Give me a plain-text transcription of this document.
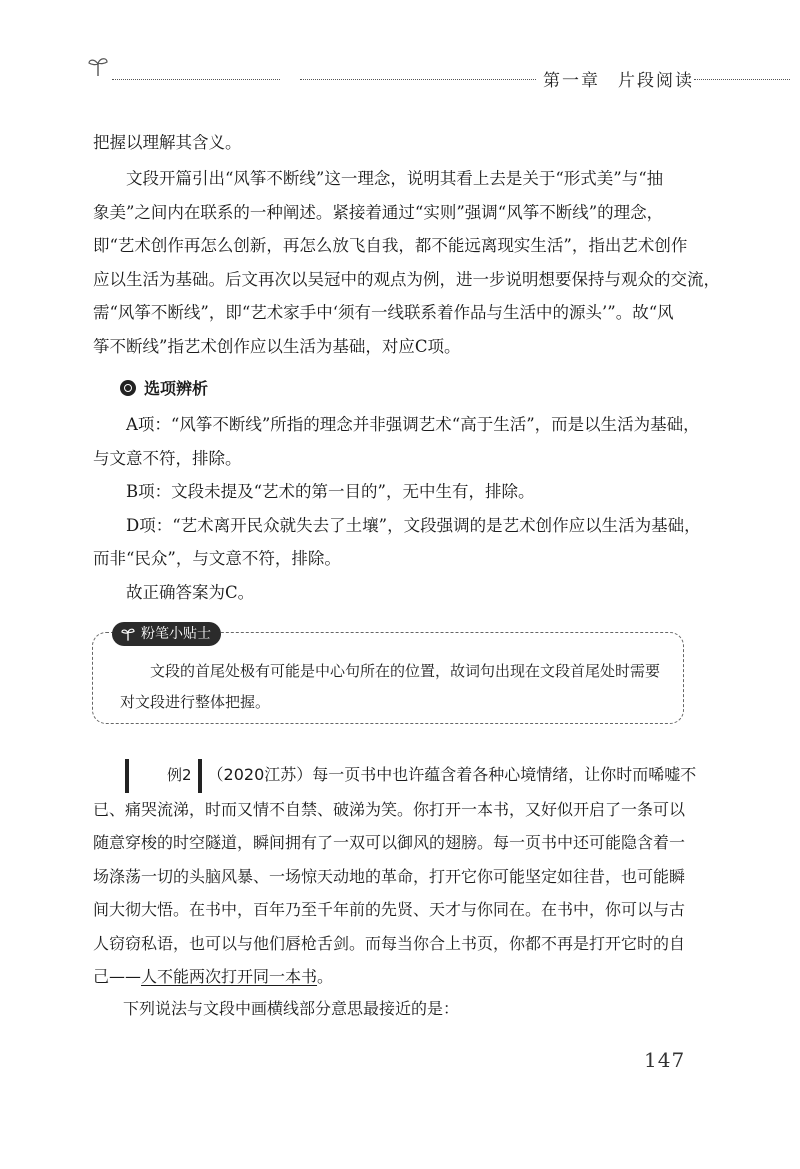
第一章 片段阅读

把握以理解其含义。

文段开篇引出“风筝不断线”这一理念，说明其看上去是关于“形式美”与“抽

象美”之间内在联系的一种阐述。紧接着通过“实则”强调“风筝不断线”的理念，

即“艺术创作再怎么创新，再怎么放飞自我，都不能远离现实生活”，指出艺术创作

应以生活为基础。后文再次以吴冠中的观点为例，进一步说明想要保持与观众的交流，

需“风筝不断线”，即“艺术家手中‘须有一线联系着作品与生活中的源头’”。故“风

筝不断线”指艺术创作应以生活为基础，对应C项。

选项辨析

A项：“风筝不断线”所指的理念并非强调艺术“高于生活”，而是以生活为基础，

与文意不符，排除。

B项：文段未提及“艺术的第一目的”，无中生有，排除。

D项：“艺术离开民众就失去了土壤”，文段强调的是艺术创作应以生活为基础，

而非“民众”，与文意不符，排除。

故正确答案为C。

粉笔小贴士

文段的首尾处极有可能是中心句所在的位置，故词句出现在文段首尾处时需要

对文段进行整体把握。

例2 （2020江苏）每一页书中也许蕴含着各种心境情绪，让你时而唏嘘不

已、痛哭流涕，时而又情不自禁、破涕为笑。你打开一本书，又好似开启了一条可以

随意穿梭的时空隧道，瞬间拥有了一双可以御风的翅膀。每一页书中还可能隐含着一

场涤荡一切的头脑风暴、一场惊天动地的革命，打开它你可能坚定如往昔，也可能瞬

间大彻大悟。在书中，百年乃至千年前的先贤、天才与你同在。在书中，你可以与古

人窃窃私语，也可以与他们唇枪舌剑。而每当你合上书页，你都不再是打开它时的自

己——人不能两次打开同一本书。

下列说法与文段中画横线部分意思最接近的是：
147
